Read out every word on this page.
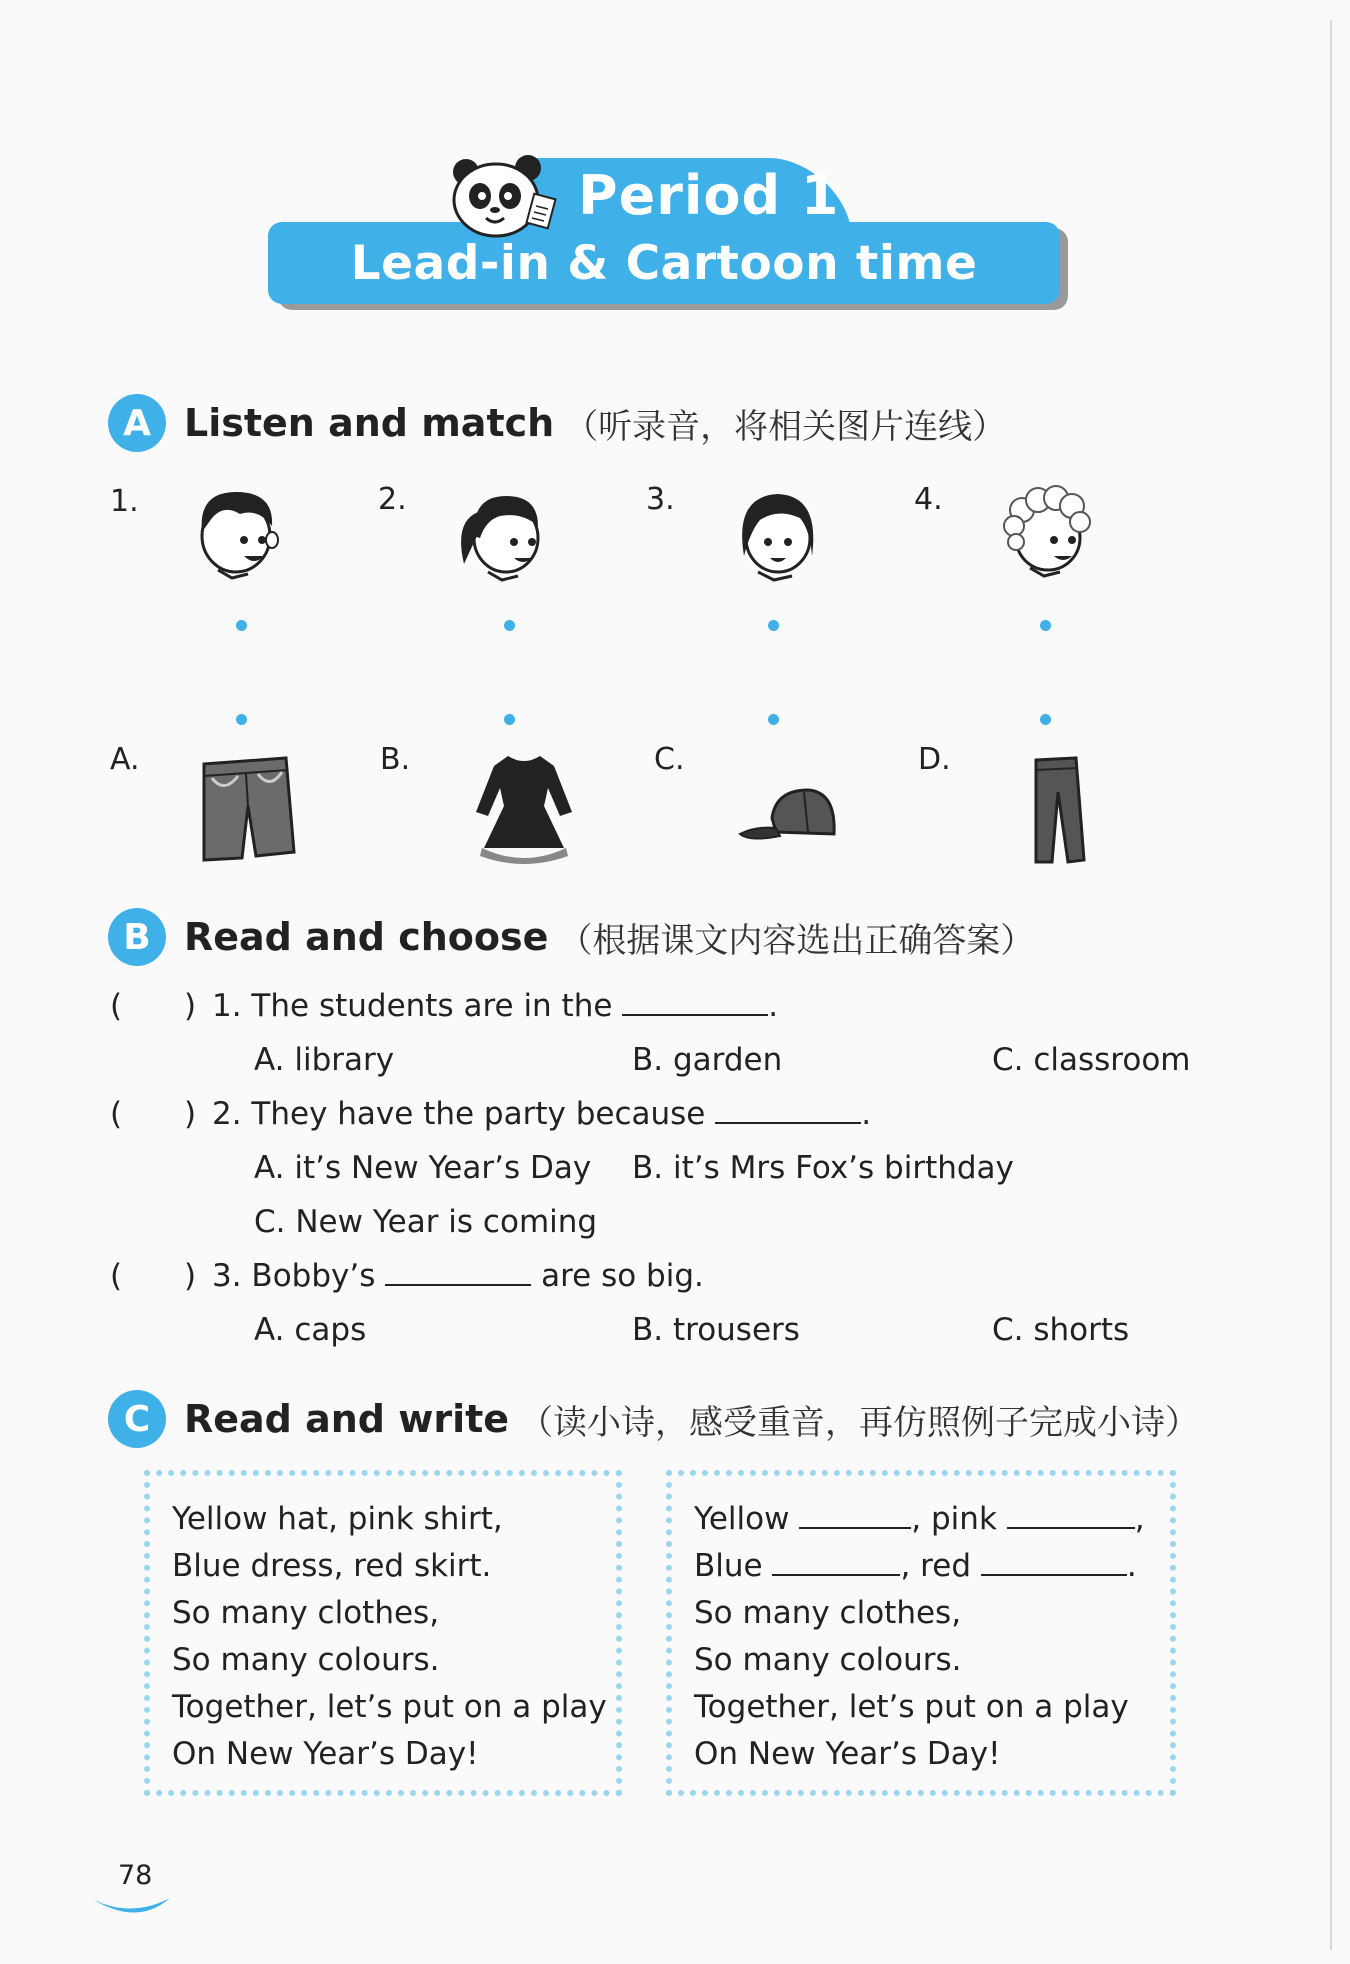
Period 1
Lead-in & Cartoon time
A Listen and match （听录音，将相关图片连线）
1.	2.	3.	4.
A.	B.	C.	D.
B Read and choose （根据课文内容选出正确答案）
( ) 1. The students are in the	.
A. library	B. garden	C. classroom
( ) 2. They have the party because	.
A. it’s New Year’s Day B. it’s Mrs Fox’s birthday
C. New Year is coming
( ) 3. Bobby’s	are so big.
A. caps	B. trousers	C. shorts
C Read and write （读小诗，感受重音，再仿照例子完成小诗）
Yellow hat, pink shirt,
Blue dress, red skirt.
So many clothes,
So many colours.
Together, let’s put on a play
On New Year’s Day!
Yellow	, pink	,
Blue	, red	.
So many clothes,
So many colours.
Together, let’s put on a play
On New Year’s Day!
78
